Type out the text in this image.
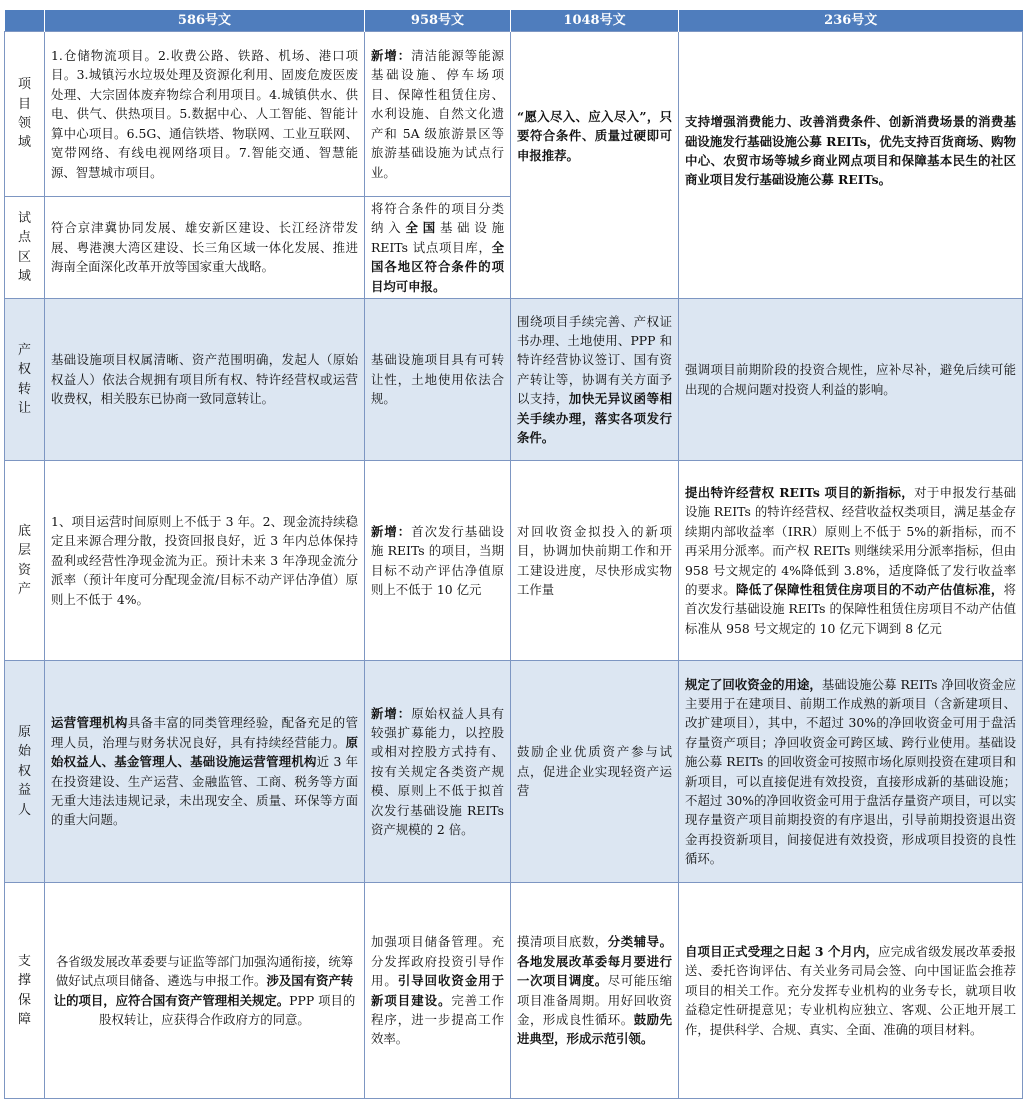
	586号文	958号文	1048号文	236号文
项目领域	1.仓储物流项目。2.收费公路、铁路、机场、港口项目。3.城镇污水垃圾处理及资源化利用、固废危废医废处理、大宗固体废弃物综合利用项目。4.城镇供水、供电、供气、供热项目。5.数据中心、人工智能、智能计算中心项目。6.5G、通信铁塔、物联网、工业互联网、宽带网络、有线电视网络项目。7.智能交通、智慧能源、智慧城市项目。	新增：清洁能源等能源基础设施、停车场项目、保障性租赁住房、水利设施、自然文化遗产和 5A 级旅游景区等旅游基础设施为试点行业。	“愿入尽入、应入尽入”，只要符合条件、质量过硬即可申报推荐。	支持增强消费能力、改善消费条件、创新消费场景的消费基础设施发行基础设施公募 REITs，优先支持百货商场、购物中心、农贸市场等城乡商业网点项目和保障基本民生的社区商业项目发行基础设施公募 REITs。
试点区域	符合京津冀协同发展、雄安新区建设、长江经济带发展、粤港澳大湾区建设、长三角区域一体化发展、推进海南全面深化改革开放等国家重大战略。	将符合条件的项目分类纳入全国基础设施 REITs 试点项目库，全国各地区符合条件的项目均可申报。		
产权转让	基础设施项目权属清晰、资产范围明确，发起人（原始权益人）依法合规拥有项目所有权、特许经营权或运营收费权，相关股东已协商一致同意转让。	基础设施项目具有可转让性，土地使用依法合规。	围绕项目手续完善、产权证书办理、土地使用、PPP 和特许经营协议签订、国有资产转让等，协调有关方面予以支持，加快无异议函等相关手续办理，落实各项发行条件。	强调项目前期阶段的投资合规性，应补尽补，避免后续可能出现的合规问题对投资人利益的影响。
底层资产	1、项目运营时间原则上不低于 3 年。2、现金流持续稳定且来源合理分散，投资回报良好，近 3 年内总体保持盈利或经营性净现金流为正。预计未来 3 年净现金流分派率（预计年度可分配现金流/目标不动产评估净值）原则上不低于 4%。	新增：首次发行基础设施 REITs 的项目，当期目标不动产评估净值原则上不低于 10 亿元	对回收资金拟投入的新项目，协调加快前期工作和开工建设进度，尽快形成实物工作量	提出特许经营权 REITs 项目的新指标，对于申报发行基础设施 REITs 的特许经营权、经营收益权类项目，满足基金存续期内部收益率（IRR）原则上不低于 5%的新指标，而不再采用分派率。而产权 REITs 则继续采用分派率指标，但由 958 号文规定的 4%降低到 3.8%，适度降低了发行收益率的要求。降低了保障性租赁住房项目的不动产估值标准，将首次发行基础设施 REITs 的保障性租赁住房项目不动产估值标准从 958 号文规定的 10 亿元下调到 8 亿元
原始权益人	运营管理机构具备丰富的同类管理经验，配备充足的管理人员，治理与财务状况良好，具有持续经营能力。原始权益人、基金管理人、基础设施运营管理机构近 3 年在投资建设、生产运营、金融监管、工商、税务等方面无重大违法违规记录，未出现安全、质量、环保等方面的重大问题。	新增：原始权益人具有较强扩募能力，以控股或相对控股方式持有、按有关规定各类资产规模、原则上不低于拟首次发行基础设施 REITs 资产规模的 2 倍。	鼓励企业优质资产参与试点，促进企业实现轻资产运营	规定了回收资金的用途，基础设施公募 REITs 净回收资金应主要用于在建项目、前期工作成熟的新项目（含新建项目、改扩建项目），其中，不超过 30%的净回收资金可用于盘活存量资产项目；净回收资金可跨区域、跨行业使用。基础设施公募 REITs 的回收资金可按照市场化原则投资在建项目和新项目，可以直接促进有效投资，直接形成新的基础设施；不超过 30%的净回收资金可用于盘活存量资产项目，可以实现存量资产项目前期投资的有序退出，引导前期投资退出资金再投资新项目，间接促进有效投资，形成项目投资的良性循环。
支撑保障	各省级发展改革委要与证监等部门加强沟通衔接，统筹做好试点项目储备、遴选与申报工作。涉及国有资产转让的项目，应符合国有资产管理相关规定。PPP 项目的股权转让，应获得合作政府方的同意。	加强项目储备管理。充分发挥政府投资引导作用。引导回收资金用于新项目建设。完善工作程序，进一步提高工作效率。	摸清项目底数，分类辅导。各地发展改革委每月要进行一次项目调度。尽可能压缩项目准备周期。用好回收资金，形成良性循环。鼓励先进典型，形成示范引领。	自项目正式受理之日起 3 个月内，应完成省级发展改革委报送、委托咨询评估、有关业务司局会签、向中国证监会推荐项目的相关工作。充分发挥专业机构的业务专长，就项目收益稳定性研提意见；专业机构应独立、客观、公正地开展工作，提供科学、合规、真实、全面、准确的项目材料。
